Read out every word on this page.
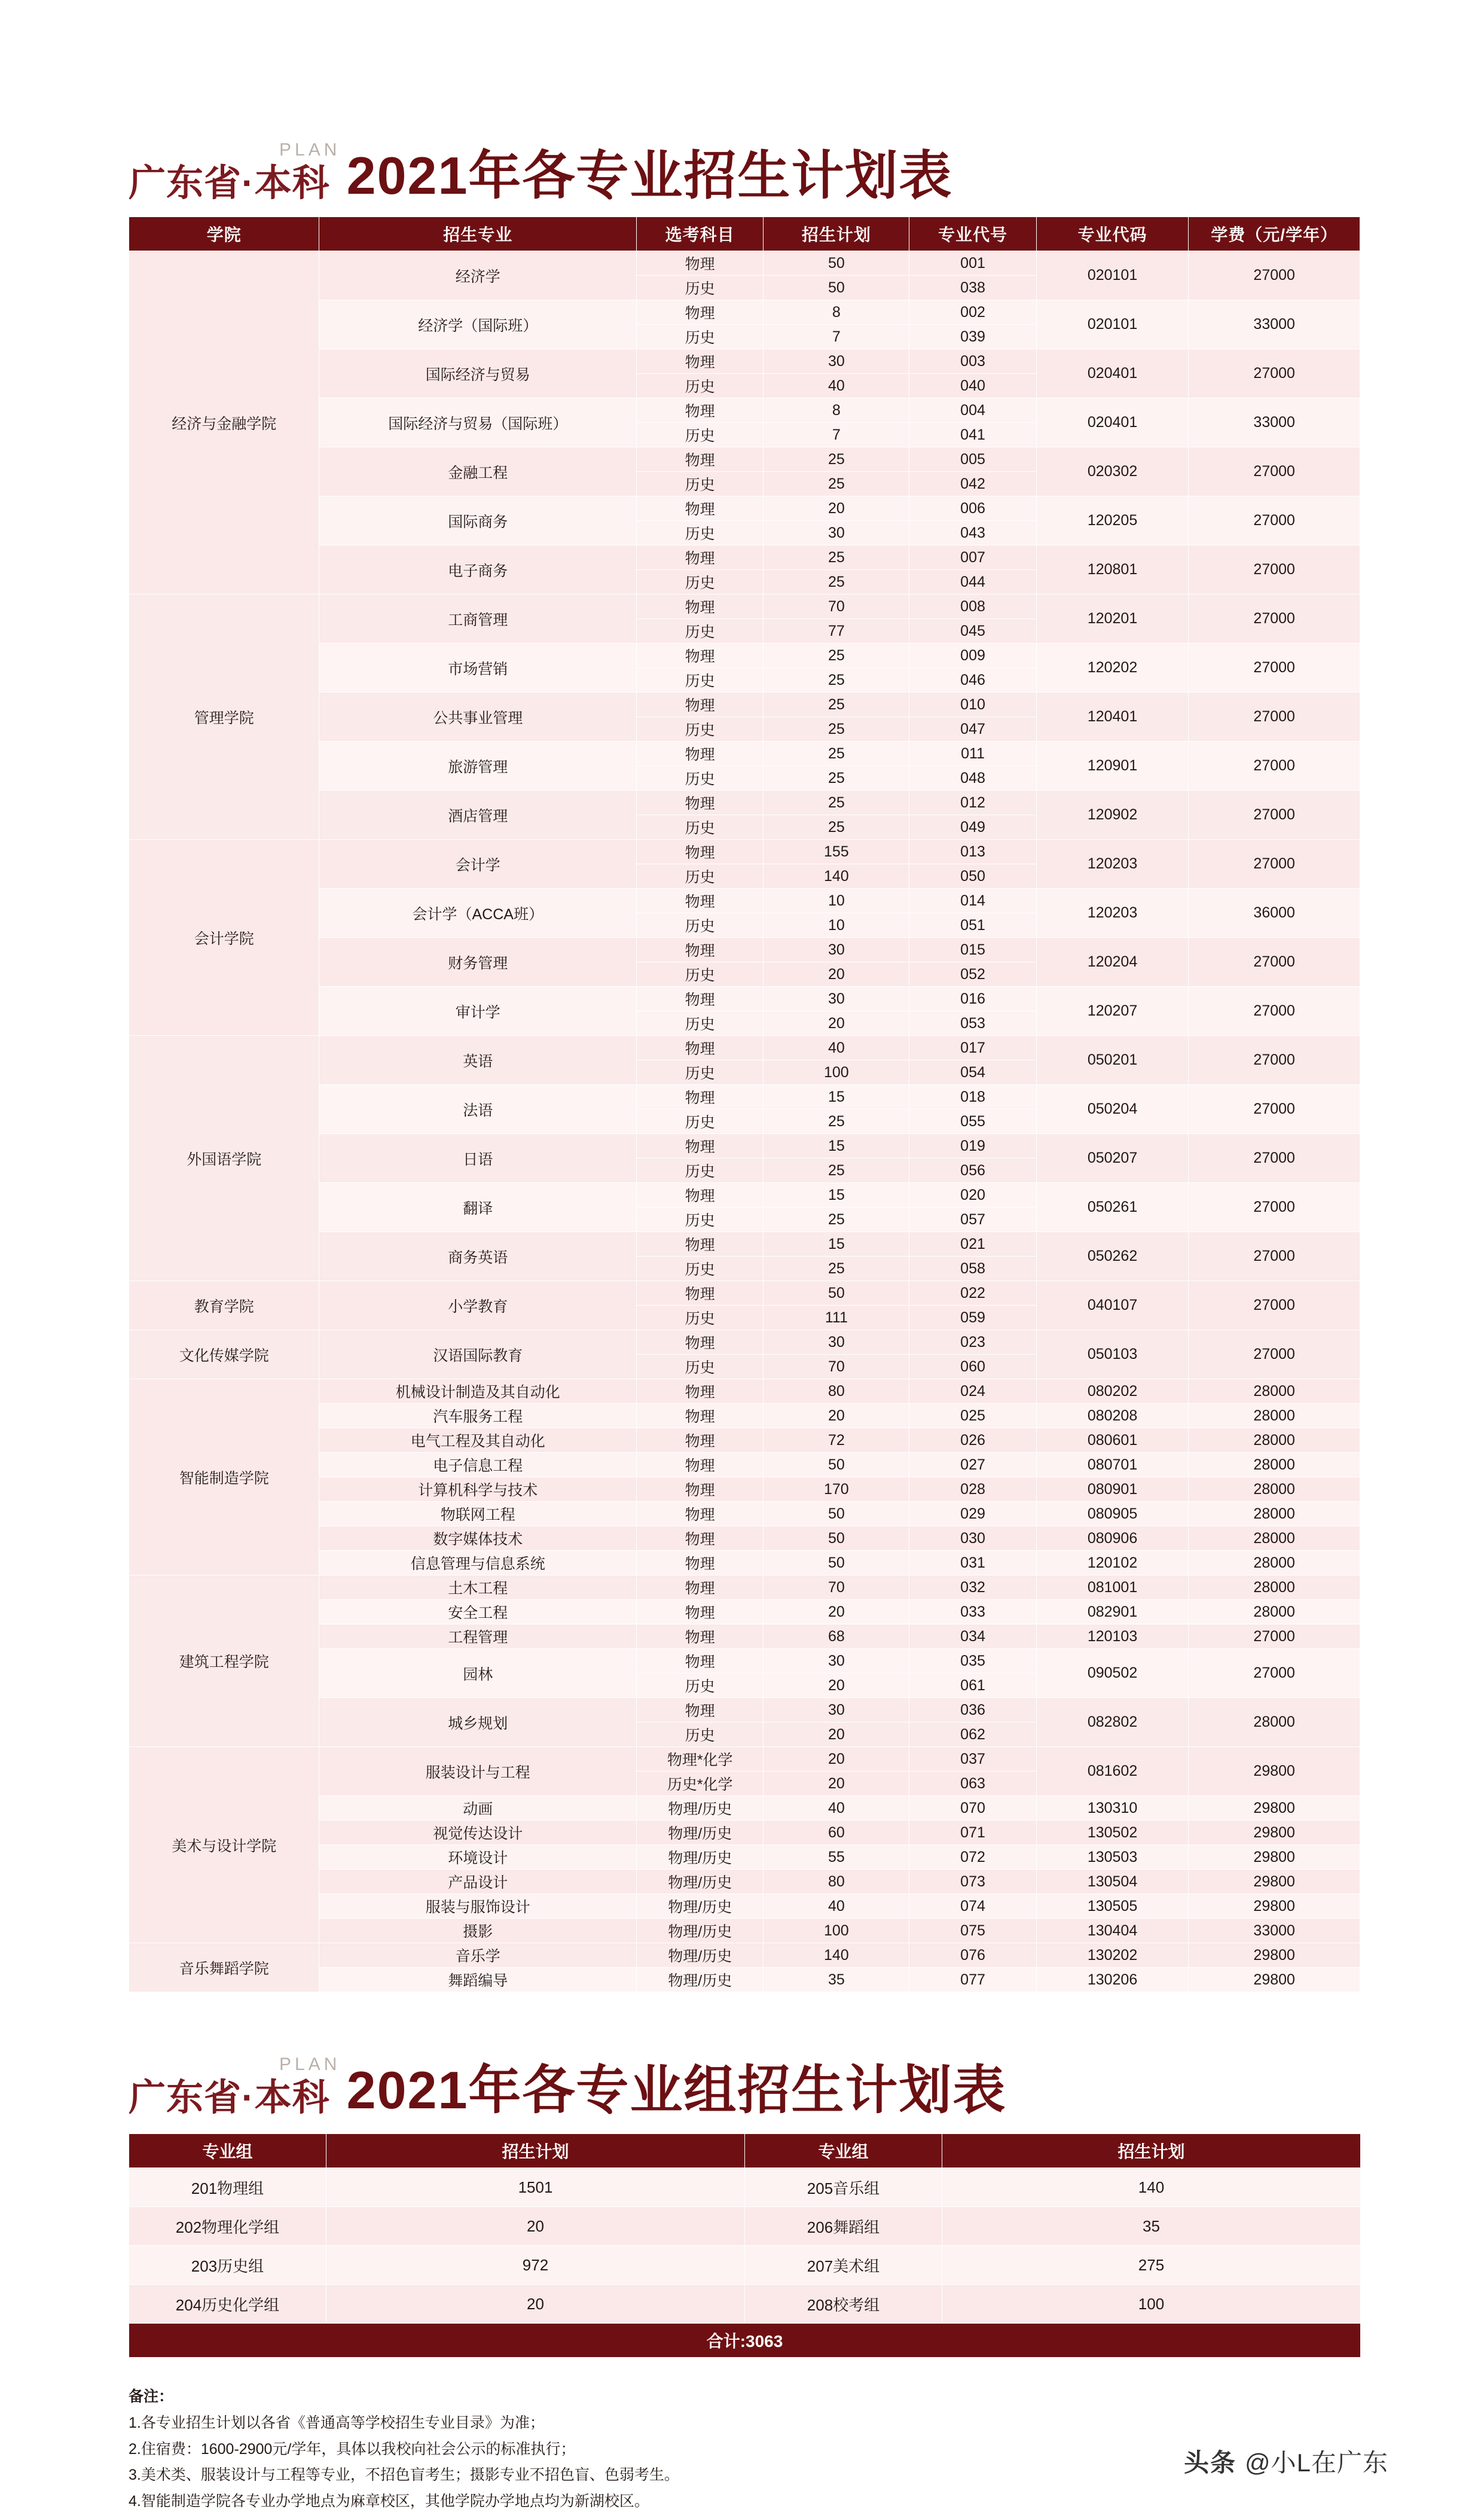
PLAN
广东省·本科 2021年各专业招生计划表
学院	招生专业	选考科目	招生计划	专业代号	专业代码	学费（元/学年）
经济与金融学院	经济学	物理	50	001	020101	27000
		历史	50	038		
	经济学（国际班）	物理	8	002	020101	33000
		历史	7	039		
	国际经济与贸易	物理	30	003	020401	27000
		历史	40	040		
	国际经济与贸易（国际班）	物理	8	004	020401	33000
		历史	7	041		
	金融工程	物理	25	005	020302	27000
		历史	25	042		
	国际商务	物理	20	006	120205	27000
		历史	30	043		
	电子商务	物理	25	007	120801	27000
		历史	25	044		
管理学院	工商管理	物理	70	008	120201	27000
		历史	77	045		
	市场营销	物理	25	009	120202	27000
		历史	25	046		
	公共事业管理	物理	25	010	120401	27000
		历史	25	047		
	旅游管理	物理	25	011	120901	27000
		历史	25	048		
	酒店管理	物理	25	012	120902	27000
		历史	25	049		
会计学院	会计学	物理	155	013	120203	27000
		历史	140	050		
	会计学（ACCA班）	物理	10	014	120203	36000
		历史	10	051		
	财务管理	物理	30	015	120204	27000
		历史	20	052		
	审计学	物理	30	016	120207	27000
		历史	20	053		
外国语学院	英语	物理	40	017	050201	27000
		历史	100	054		
	法语	物理	15	018	050204	27000
		历史	25	055		
	日语	物理	15	019	050207	27000
		历史	25	056		
	翻译	物理	15	020	050261	27000
		历史	25	057		
	商务英语	物理	15	021	050262	27000
		历史	25	058		
教育学院	小学教育	物理	50	022	040107	27000
		历史	111	059		
文化传媒学院	汉语国际教育	物理	30	023	050103	27000
		历史	70	060		
智能制造学院	机械设计制造及其自动化	物理	80	024	080202	28000
	汽车服务工程	物理	20	025	080208	28000
	电气工程及其自动化	物理	72	026	080601	28000
	电子信息工程	物理	50	027	080701	28000
	计算机科学与技术	物理	170	028	080901	28000
	物联网工程	物理	50	029	080905	28000
	数字媒体技术	物理	50	030	080906	28000
	信息管理与信息系统	物理	50	031	120102	28000
建筑工程学院	土木工程	物理	70	032	081001	28000
	安全工程	物理	20	033	082901	28000
	工程管理	物理	68	034	120103	27000
	园林	物理	30	035	090502	27000
		历史	20	061		
	城乡规划	物理	30	036	082802	28000
		历史	20	062		
美术与设计学院	服装设计与工程	物理*化学	20	037	081602	29800
		历史*化学	20	063		
	动画	物理/历史	40	070	130310	29800
	视觉传达设计	物理/历史	60	071	130502	29800
	环境设计	物理/历史	55	072	130503	29800
	产品设计	物理/历史	80	073	130504	29800
	服装与服饰设计	物理/历史	40	074	130505	29800
	摄影	物理/历史	100	075	130404	33000
音乐舞蹈学院	音乐学	物理/历史	140	076	130202	29800
	舞蹈编导	物理/历史	35	077	130206	29800
PLAN
广东省·本科 2021年各专业组招生计划表
专业组	招生计划	专业组	招生计划
201物理组	1501	205音乐组	140
202物理化学组	20	206舞蹈组	35
203历史组	972	207美术组	275
204历史化学组	20	208校考组	100
合计:3063			
备注：
1.各专业招生计划以各省《普通高等学校招生专业目录》为准；
2.住宿费：1600-2900元/学年，具体以我校向社会公示的标准执行；
3.美术类、服装设计与工程等专业，不招色盲考生；摄影专业不招色盲、色弱考生。
4.智能制造学院各专业办学地点为麻章校区，其他学院办学地点均为新湖校区。
头条 @小L在广东
